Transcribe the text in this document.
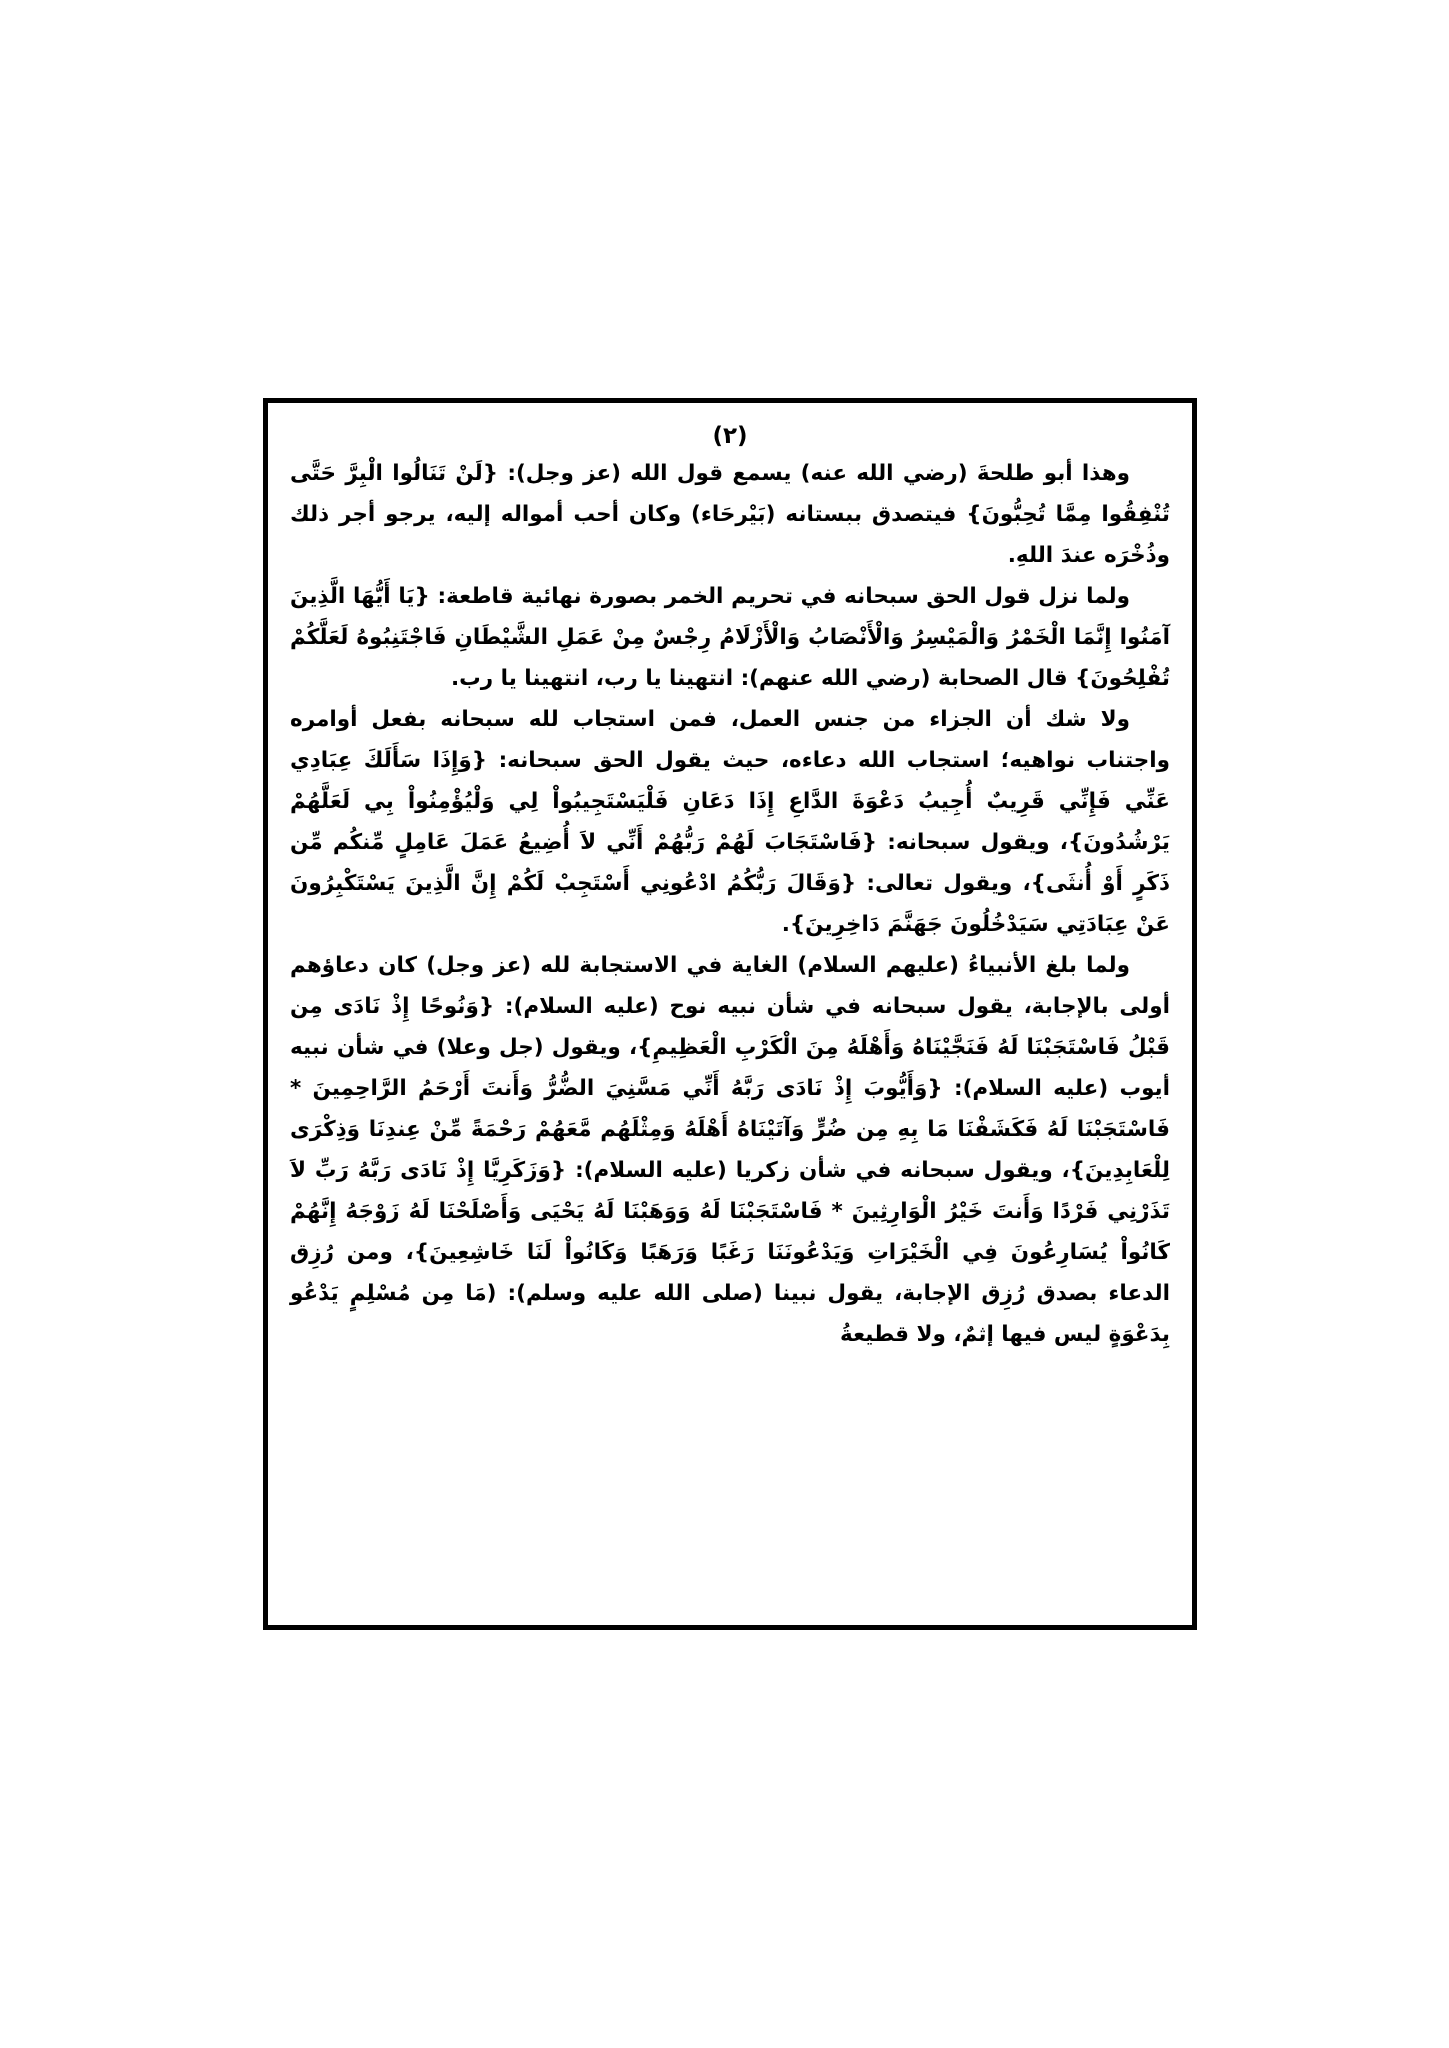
(٢)

وهذا أبو طلحةَ (رضي الله عنه) يسمع قول الله (عز وجل): {لَنْ تَنَالُوا الْبِرَّ حَتَّى تُنْفِقُوا مِمَّا تُحِبُّونَ} فيتصدق ببستانه (بَيْرحَاء) وكان أحب أمواله إليه، يرجو أجر ذلك وذُخْرَه عندَ اللهِ.

ولما نزل قول الحق سبحانه في تحريم الخمر بصورة نهائية قاطعة: {يَا أَيُّهَا الَّذِينَ آمَنُوا إِنَّمَا الْخَمْرُ وَالْمَيْسِرُ وَالْأَنْصَابُ وَالْأَزْلَامُ رِجْسٌ مِنْ عَمَلِ الشَّيْطَانِ فَاجْتَنِبُوهُ لَعَلَّكُمْ تُفْلِحُونَ} قال الصحابة (رضي الله عنهم): انتهينا يا رب، انتهينا يا رب.

ولا شك أن الجزاء من جنس العمل، فمن استجاب لله سبحانه بفعل أوامره واجتناب نواهيه؛ استجاب الله دعاءه، حيث يقول الحق سبحانه: {وَإِذَا سَأَلَكَ عِبَادِي عَنِّي فَإِنِّي قَرِيبٌ أُجِيبُ دَعْوَةَ الدَّاعِ إِذَا دَعَانِ فَلْيَسْتَجِيبُواْ لِي وَلْيُؤْمِنُواْ بِي لَعَلَّهُمْ يَرْشُدُونَ}، ويقول سبحانه: {فَاسْتَجَابَ لَهُمْ رَبُّهُمْ أَنِّي لاَ أُضِيعُ عَمَلَ عَامِلٍ مِّنكُم مِّن ذَكَرٍ أَوْ أُنثَى}، ويقول تعالى: {وَقَالَ رَبُّكُمُ ادْعُونِي أَسْتَجِبْ لَكُمْ إِنَّ الَّذِينَ يَسْتَكْبِرُونَ عَنْ عِبَادَتِي سَيَدْخُلُونَ جَهَنَّمَ دَاخِرِينَ}.

ولما بلغ الأنبياءُ (عليهم السلام) الغاية في الاستجابة لله (عز وجل) كان دعاؤهم أولى بالإجابة، يقول سبحانه في شأن نبيه نوح (عليه السلام): {وَنُوحًا إِذْ نَادَى مِن قَبْلُ فَاسْتَجَبْنَا لَهُ فَنَجَّيْنَاهُ وَأَهْلَهُ مِنَ الْكَرْبِ الْعَظِيمِ}، ويقول (جل وعلا) في شأن نبيه أيوب (عليه السلام): {وَأَيُّوبَ إِذْ نَادَى رَبَّهُ أَنِّي مَسَّنِيَ الضُّرُّ وَأَنتَ أَرْحَمُ الرَّاحِمِينَ * فَاسْتَجَبْنَا لَهُ فَكَشَفْنَا مَا بِهِ مِن ضُرٍّ وَآتَيْنَاهُ أَهْلَهُ وَمِثْلَهُم مَّعَهُمْ رَحْمَةً مِّنْ عِندِنَا وَذِكْرَى لِلْعَابِدِينَ}، ويقول سبحانه في شأن زكريا (عليه السلام): {وَزَكَرِيَّا إِذْ نَادَى رَبَّهُ رَبِّ لاَ تَذَرْنِي فَرْدًا وَأَنتَ خَيْرُ الْوَارِثِينَ * فَاسْتَجَبْنَا لَهُ وَوَهَبْنَا لَهُ يَحْيَى وَأَصْلَحْنَا لَهُ زَوْجَهُ إِنَّهُمْ كَانُواْ يُسَارِعُونَ فِي الْخَيْرَاتِ وَيَدْعُونَنَا رَغَبًا وَرَهَبًا وَكَانُواْ لَنَا خَاشِعِينَ}، ومن رُزِق الدعاء بصدق رُزِق الإجابة، يقول نبينا (صلى الله عليه وسلم): (مَا مِن مُسْلِمٍ يَدْعُو بِدَعْوَةٍ ليس فيها إثمٌ، ولا قطيعةُ
